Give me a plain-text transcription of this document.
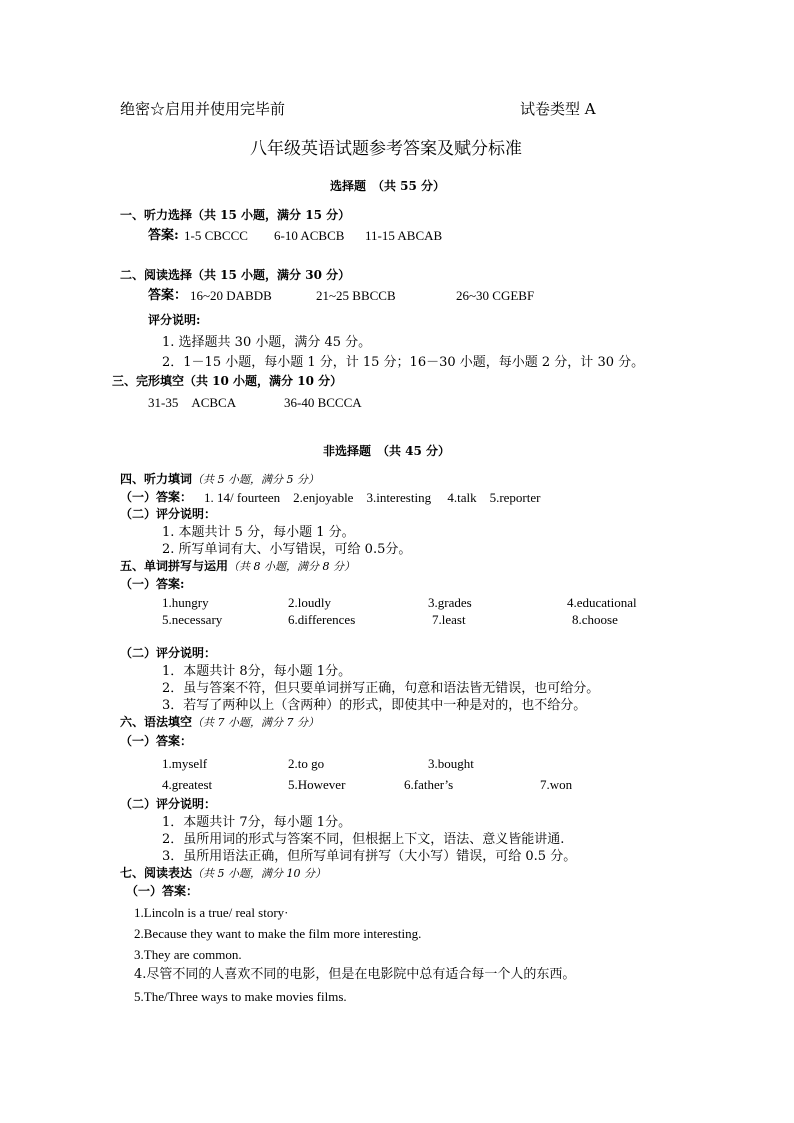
绝密☆启用并使用完毕前	试卷类型 A
八年级英语试题参考答案及赋分标准
选择题　（共 55 分）
一、听力选择（共 15 小题，满分 15 分）
答案: 1-5 CBCCC 6-10 ACBCB 11-15 ABCAB
二、阅读选择（共 15 小题，满分 30 分）
答案： 16~20 DABDB	21~25 BBCCB	26~30 CGEBF
评分说明:
1. 选择题共 30 小题，满分 45 分。
2．1－15 小题，每小题 1 分，计 15 分；16－30 小题，每小题 2 分，计 30 分。
三、完形填空（共 10 小题，满分 10 分）
31-35　ACBCA	36-40 BCCCA
非选择题　（共 45 分）
四、听力填词（共 5 小题，满分 5 分）
（一）答案： 1. 14/ fourteen　2.enjoyable　3.interesting　 4.talk　5.reporter
（二）评分说明：
1. 本题共计 5 分，每小题 1 分。
2. 所写单词有大、小写错误，可给 0.5分。
五、单词拼写与运用（共 8 小题，满分 8 分）
（一）答案:
1.hungry	2.loudly	3.grades	4.educational
5.necessary	6.differences	7.least	8.choose
（二）评分说明：
1．本题共计 8分，每小题 1分。
2．虽与答案不符，但只要单词拼写正确，句意和语法皆无错误，也可给分。
3．若写了两种以上（含两种）的形式，即使其中一种是对的，也不给分。
六、语法填空（共 7 小题，满分 7 分）
（一）答案：
1.myself	2.to go	3.bought
4.greatest	5.However	6.father’s	7.won
（二）评分说明：
1．本题共计 7分，每小题 1分。
2．虽所用词的形式与答案不同，但根据上下文，语法、意义皆能讲通.
3．虽所用语法正确，但所写单词有拼写（大小写）错误，可给 0.5 分。
七、阅读表达（共 5 小题，满分 10 分）
（一）答案：
1.Lincoln is a true/ real story·
2.Because they want to make the film more interesting.
3.They are common.
4.尽管不同的人喜欢不同的电影，但是在电影院中总有适合每一个人的东西。
5.The/Three ways to make movies films.
